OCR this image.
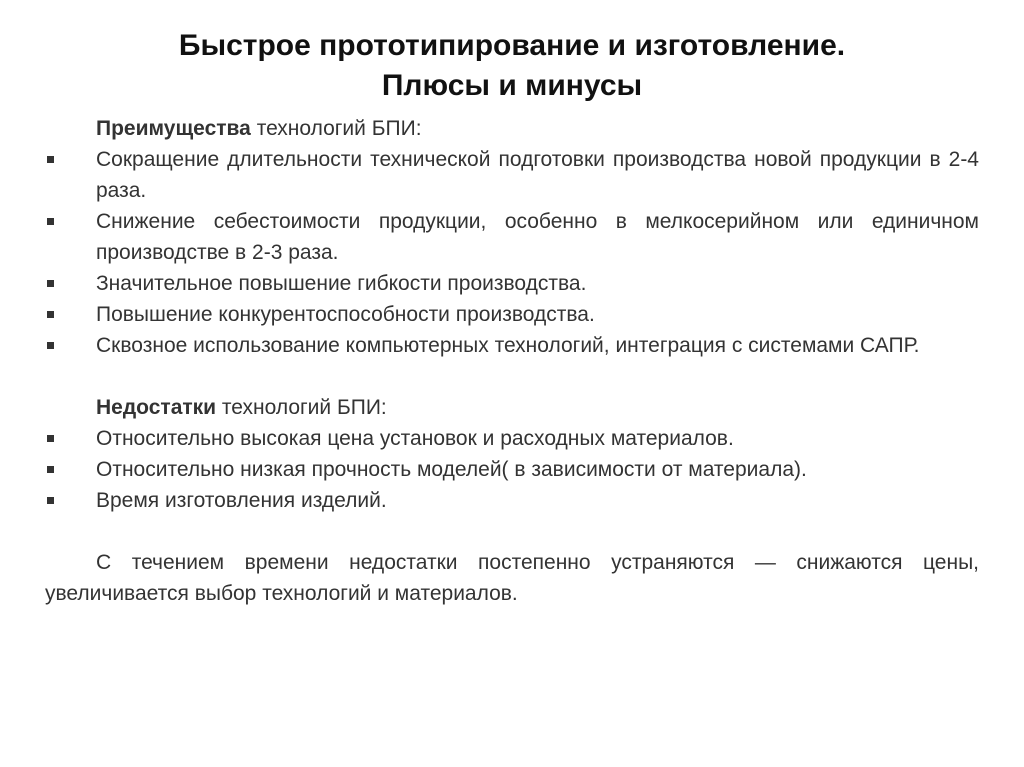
Быстрое прототипирование и изготовление.
Плюсы и минусы

Преимущества технологий БПИ:

Сокращение длительности технической подготовки производства новой продукции в 2-4 раза.
Снижение себестоимости продукции, особенно в мелкосерийном или единичном производстве в 2-3 раза.
Значительное повышение гибкости производства.
Повышение конкурентоспособности производства.
Сквозное использование компьютерных технологий, интеграция с системами САПР.

Недостатки технологий БПИ:

Относительно высокая цена установок и расходных материалов.
Относительно низкая прочность моделей( в зависимости от материала).
Время изготовления изделий.

С течением времени недостатки постепенно устраняются — снижаются цены, увеличивается выбор технологий и материалов.
